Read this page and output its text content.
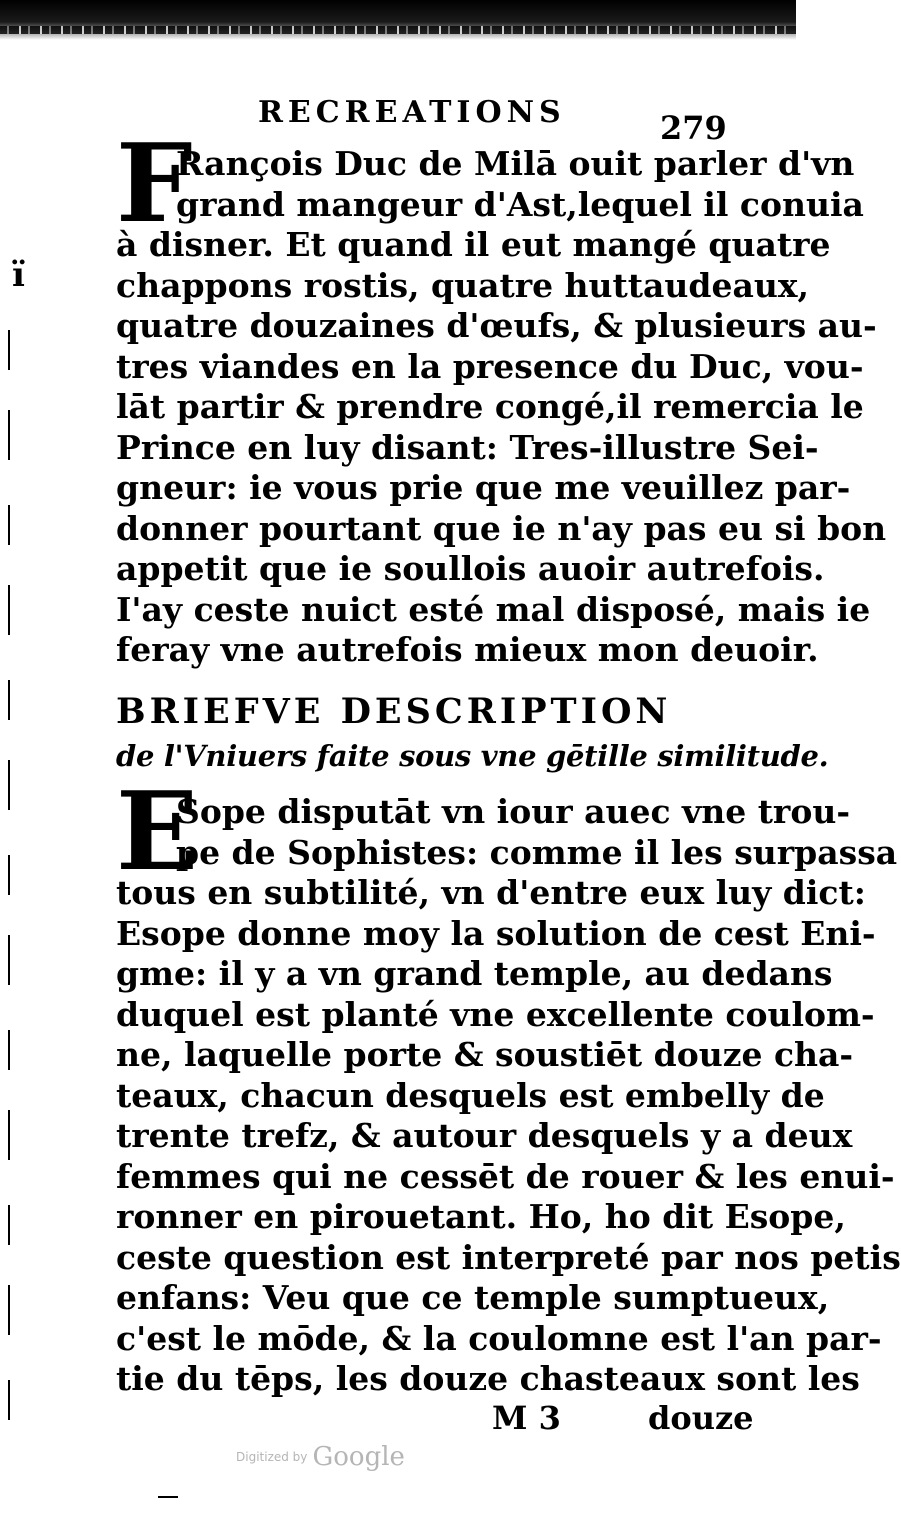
ï
RECREATIONS	279
F
Rançois Duc de Milā ouit parler d'vn
grand mangeur d'Ast,lequel il conuia
à disner. Et quand il eut mangé quatre
chappons rostis, quatre huttaudeaux,
quatre douzaines d'œufs, & plusieurs au-
tres viandes en la presence du Duc, vou-
lāt partir & prendre congé,il remercia le
Prince en luy disant: Tres-illustre Sei-
gneur: ie vous prie que me veuillez par-
donner pourtant que ie n'ay pas eu si bon
appetit que ie soullois auoir autrefois.
I'ay ceste nuict esté mal disposé, mais ie
feray vne autrefois mieux mon deuoir.
BRIEFVE DESCRIPTION
de l'Vniuers faite sous vne gētille similitude.
E
Sope disputāt vn iour auec vne trou-
pe de Sophistes: comme il les surpassa
tous en subtilité, vn d'entre eux luy dict:
Esope donne moy la solution de cest Eni-
gme: il y a vn grand temple, au dedans
duquel est planté vne excellente coulom-
ne, laquelle porte & soustiēt douze cha-
teaux, chacun desquels est embelly de
trente trefz, & autour desquels y a deux
femmes qui ne cessēt de rouer & les enui-
ronner en pirouetant. Ho, ho dit Esope,
ceste question est interpreté par nos petis
enfans: Veu que ce temple sumptueux,
c'est le mōde, & la coulomne est l'an par-
tie du tēps, les douze chasteaux sont les
M 3	douze
Digitized by Google
